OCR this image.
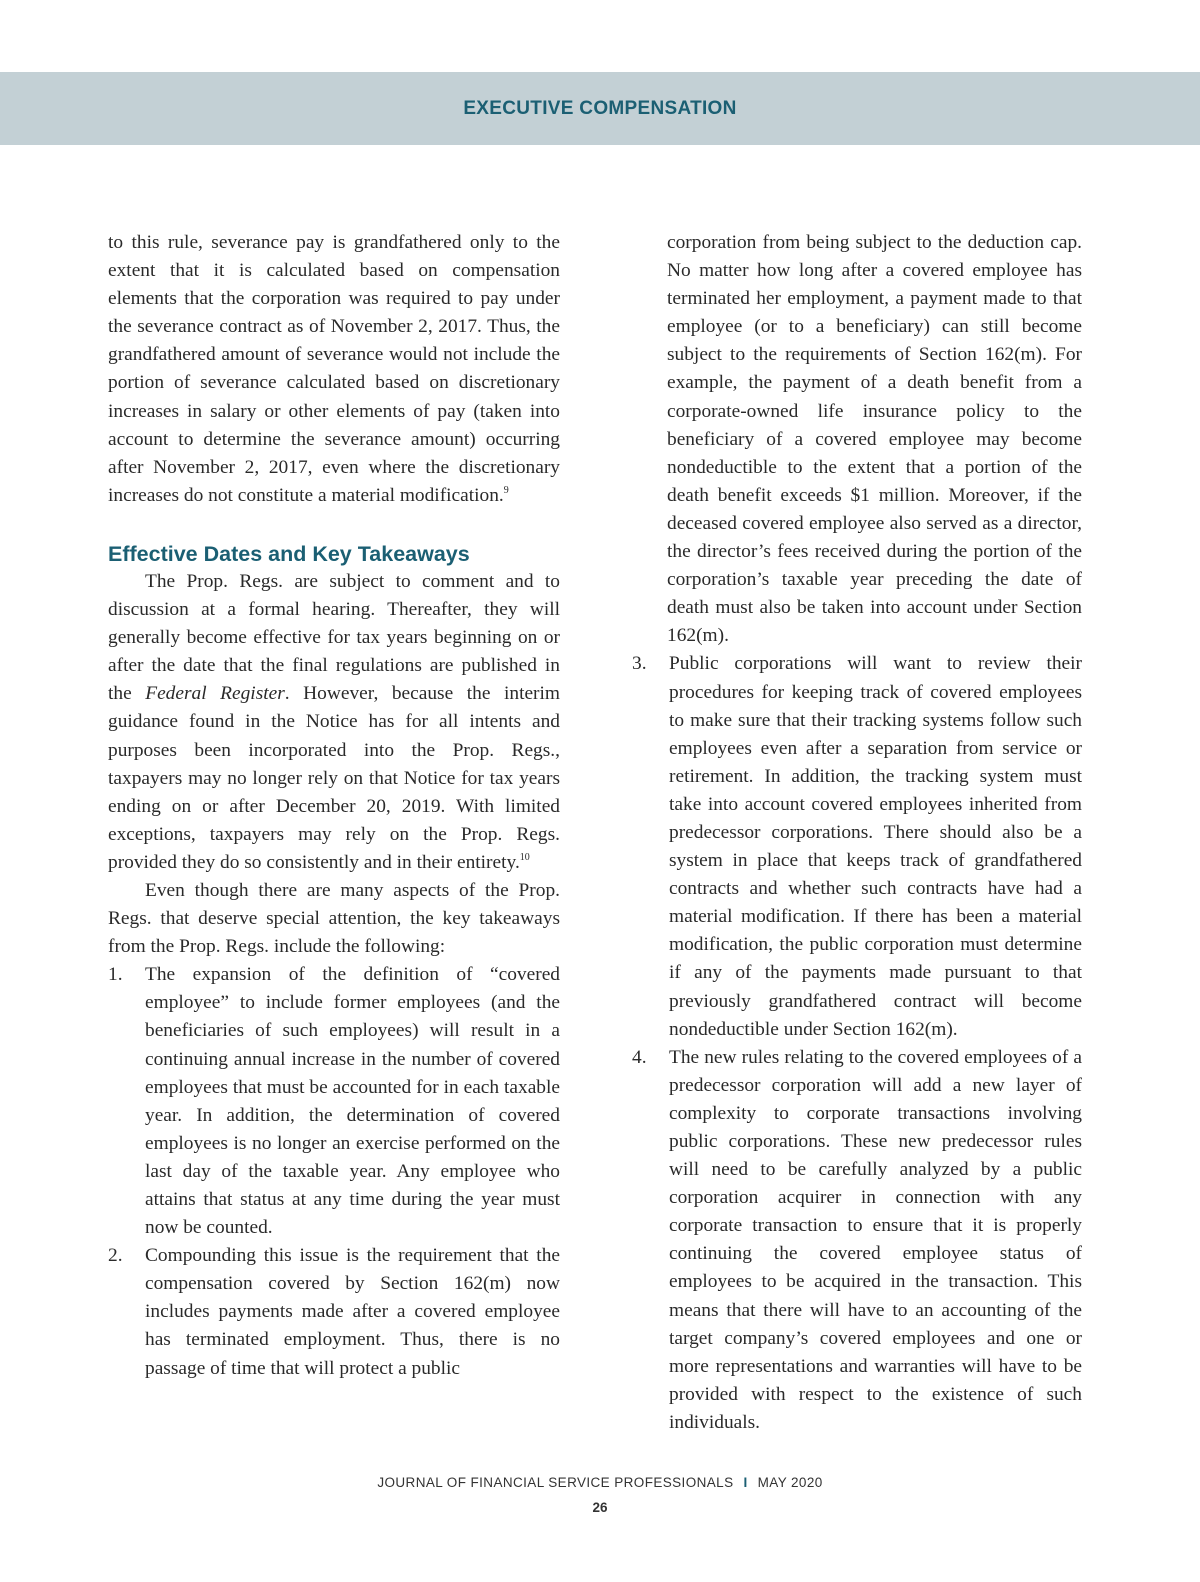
EXECUTIVE COMPENSATION

to this rule, severance pay is grandfathered only to the extent that it is calculated based on compensation elements that the corporation was required to pay under the severance contract as of November 2, 2017. Thus, the grandfathered amount of severance would not include the portion of severance calculated based on discretionary increases in salary or other elements of pay (taken into account to determine the severance amount) occurring after November 2, 2017, even where the discretionary increases do not constitute a material modification.$^9$

Effective Dates and Key Takeaways

The Prop. Regs. are subject to comment and to discussion at a formal hearing. Thereafter, they will generally become effective for tax years beginning on or after the date that the final regulations are published in the Federal Register. However, because the interim guidance found in the Notice has for all intents and purposes been incorporated into the Prop. Regs., taxpayers may no longer rely on that Notice for tax years ending on or after December 20, 2019. With limited exceptions, taxpayers may rely on the Prop. Regs. provided they do so consistently and in their entirety.$^{10}$

Even though there are many aspects of the Prop. Regs. that deserve special attention, the key takeaways from the Prop. Regs. include the following:

1. The expansion of the definition of “covered employee” to include former employees (and the beneficiaries of such employees) will result in a continuing annual increase in the number of covered employees that must be accounted for in each taxable year. In addition, the determination of covered employees is no longer an exercise performed on the last day of the taxable year. Any employee who attains that status at any time during the year must now be counted.
2. Compounding this issue is the requirement that the compensation covered by Section 162(m) now includes payments made after a covered employee has terminated employment. Thus, there is no passage of time that will protect a public

corporation from being subject to the deduction cap. No matter how long after a covered employee has terminated her employment, a payment made to that employee (or to a beneficiary) can still become subject to the requirements of Section 162(m). For example, the payment of a death benefit from a corporate-owned life insurance policy to the beneficiary of a covered employee may become nondeductible to the extent that a portion of the death benefit exceeds $1 million. Moreover, if the deceased covered employee also served as a director, the director’s fees received during the portion of the corporation’s taxable year preceding the date of death must also be taken into account under Section 162(m).

3. Public corporations will want to review their procedures for keeping track of covered employees to make sure that their tracking systems follow such employees even after a separation from service or retirement. In addition, the tracking system must take into account covered employees inherited from predecessor corporations. There should also be a system in place that keeps track of grandfathered contracts and whether such contracts have had a material modification. If there has been a material modification, the public corporation must determine if any of the payments made pursuant to that previously grandfathered contract will become nondeductible under Section 162(m).
4. The new rules relating to the covered employees of a predecessor corporation will add a new layer of complexity to corporate transactions involving public corporations. These new predecessor rules will need to be carefully analyzed by a public corporation acquirer in connection with any corporate transaction to ensure that it is properly continuing the covered employee status of employees to be acquired in the transaction. This means that there will have to an accounting of the target company’s covered employees and one or more representations and warranties will have to be provided with respect to the existence of such individuals.
JOURNAL OF FINANCIAL SERVICE PROFESSIONALS I MAY 2020
26
